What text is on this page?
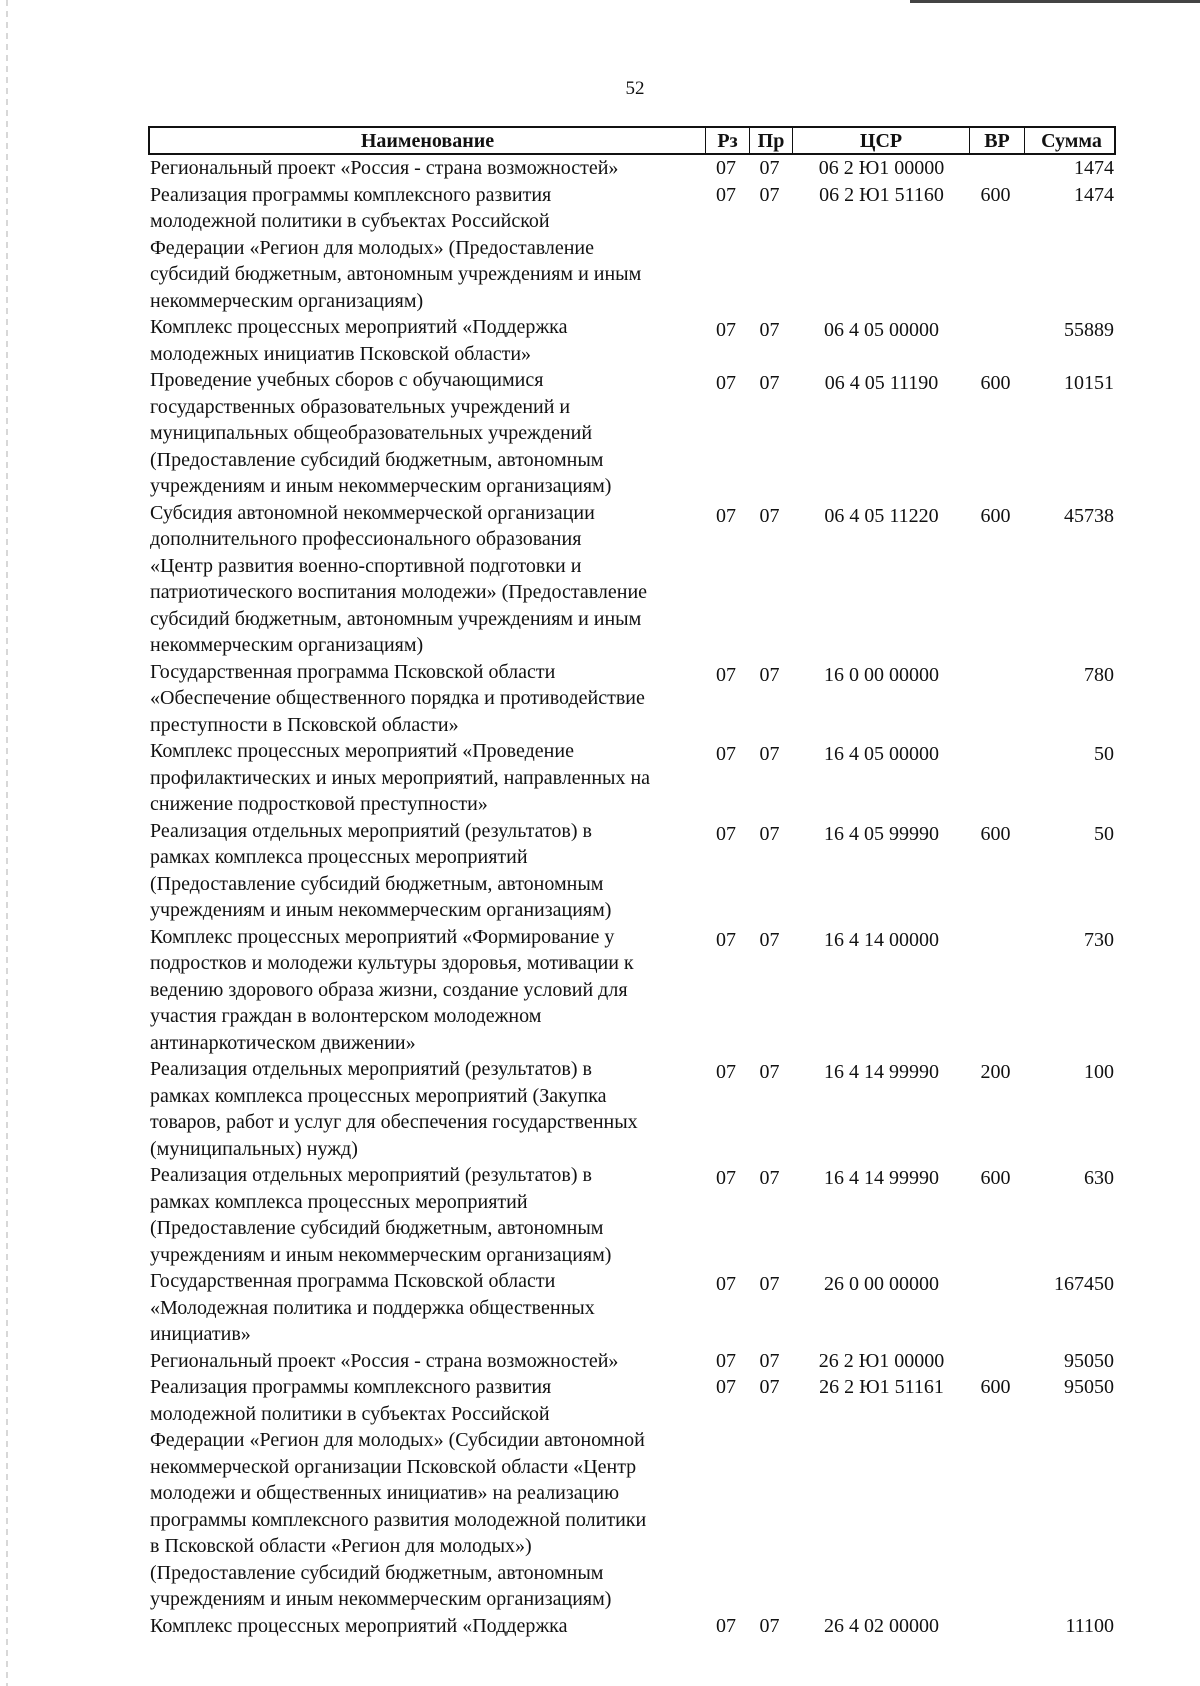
52
Наименование	Рз	Пр	ЦСР	ВР	Сумма
Региональный проект «Россия - страна возможностей»	07	07	06 2 Ю1 00000	1474
Реализация программы комплексного развития
молодежной политики в субъектах Российской
Федерации «Регион для молодых» (Предоставление
субсидий бюджетным, автономным учреждениям и иным
некоммерческим организациям)
07	07	06 2 Ю1 51160	600	1474
Комплекс процессных мероприятий «Поддержка
молодежных инициатив Псковской области»
07	07	06 4 05 00000	55889
Проведение учебных сборов с обучающимися
государственных образовательных учреждений и
муниципальных общеобразовательных учреждений
(Предоставление субсидий бюджетным, автономным
учреждениям и иным некоммерческим организациям)
07	07	06 4 05 11190	600	10151
Субсидия автономной некоммерческой организации
дополнительного профессионального образования
«Центр развития военно-спортивной подготовки и
патриотического воспитания молодежи» (Предоставление
субсидий бюджетным, автономным учреждениям и иным
некоммерческим организациям)
07	07	06 4 05 11220	600	45738
Государственная программа Псковской области
«Обеспечение общественного порядка и противодействие
преступности в Псковской области»
07	07	16 0 00 00000	780
Комплекс процессных мероприятий «Проведение
профилактических и иных мероприятий, направленных на
снижение подростковой преступности»
07	07	16 4 05 00000	50
Реализация отдельных мероприятий (результатов) в
рамках комплекса процессных мероприятий
(Предоставление субсидий бюджетным, автономным
учреждениям и иным некоммерческим организациям)
07	07	16 4 05 99990	600	50
Комплекс процессных мероприятий «Формирование у
подростков и молодежи культуры здоровья, мотивации к
ведению здорового образа жизни, создание условий для
участия граждан в волонтерском молодежном
антинаркотическом движении»
07	07	16 4 14 00000	730
Реализация отдельных мероприятий (результатов) в
рамках комплекса процессных мероприятий (Закупка
товаров, работ и услуг для обеспечения государственных
(муниципальных) нужд)
07	07	16 4 14 99990	200	100
Реализация отдельных мероприятий (результатов) в
рамках комплекса процессных мероприятий
(Предоставление субсидий бюджетным, автономным
учреждениям и иным некоммерческим организациям)
07	07	16 4 14 99990	600	630
Государственная программа Псковской области
«Молодежная политика и поддержка общественных
инициатив»
07	07	26 0 00 00000	167450
Региональный проект «Россия - страна возможностей»	07	07	26 2 Ю1 00000	95050
Реализация программы комплексного развития
молодежной политики в субъектах Российской
Федерации «Регион для молодых» (Субсидии автономной
некоммерческой организации Псковской области «Центр
молодежи и общественных инициатив» на реализацию
программы комплексного развития молодежной политики
в Псковской области «Регион для молодых»)
(Предоставление субсидий бюджетным, автономным
учреждениям и иным некоммерческим организациям)
07	07	26 2 Ю1 51161	600	95050
Комплекс процессных мероприятий «Поддержка	07	07	26 4 02 00000	11100
